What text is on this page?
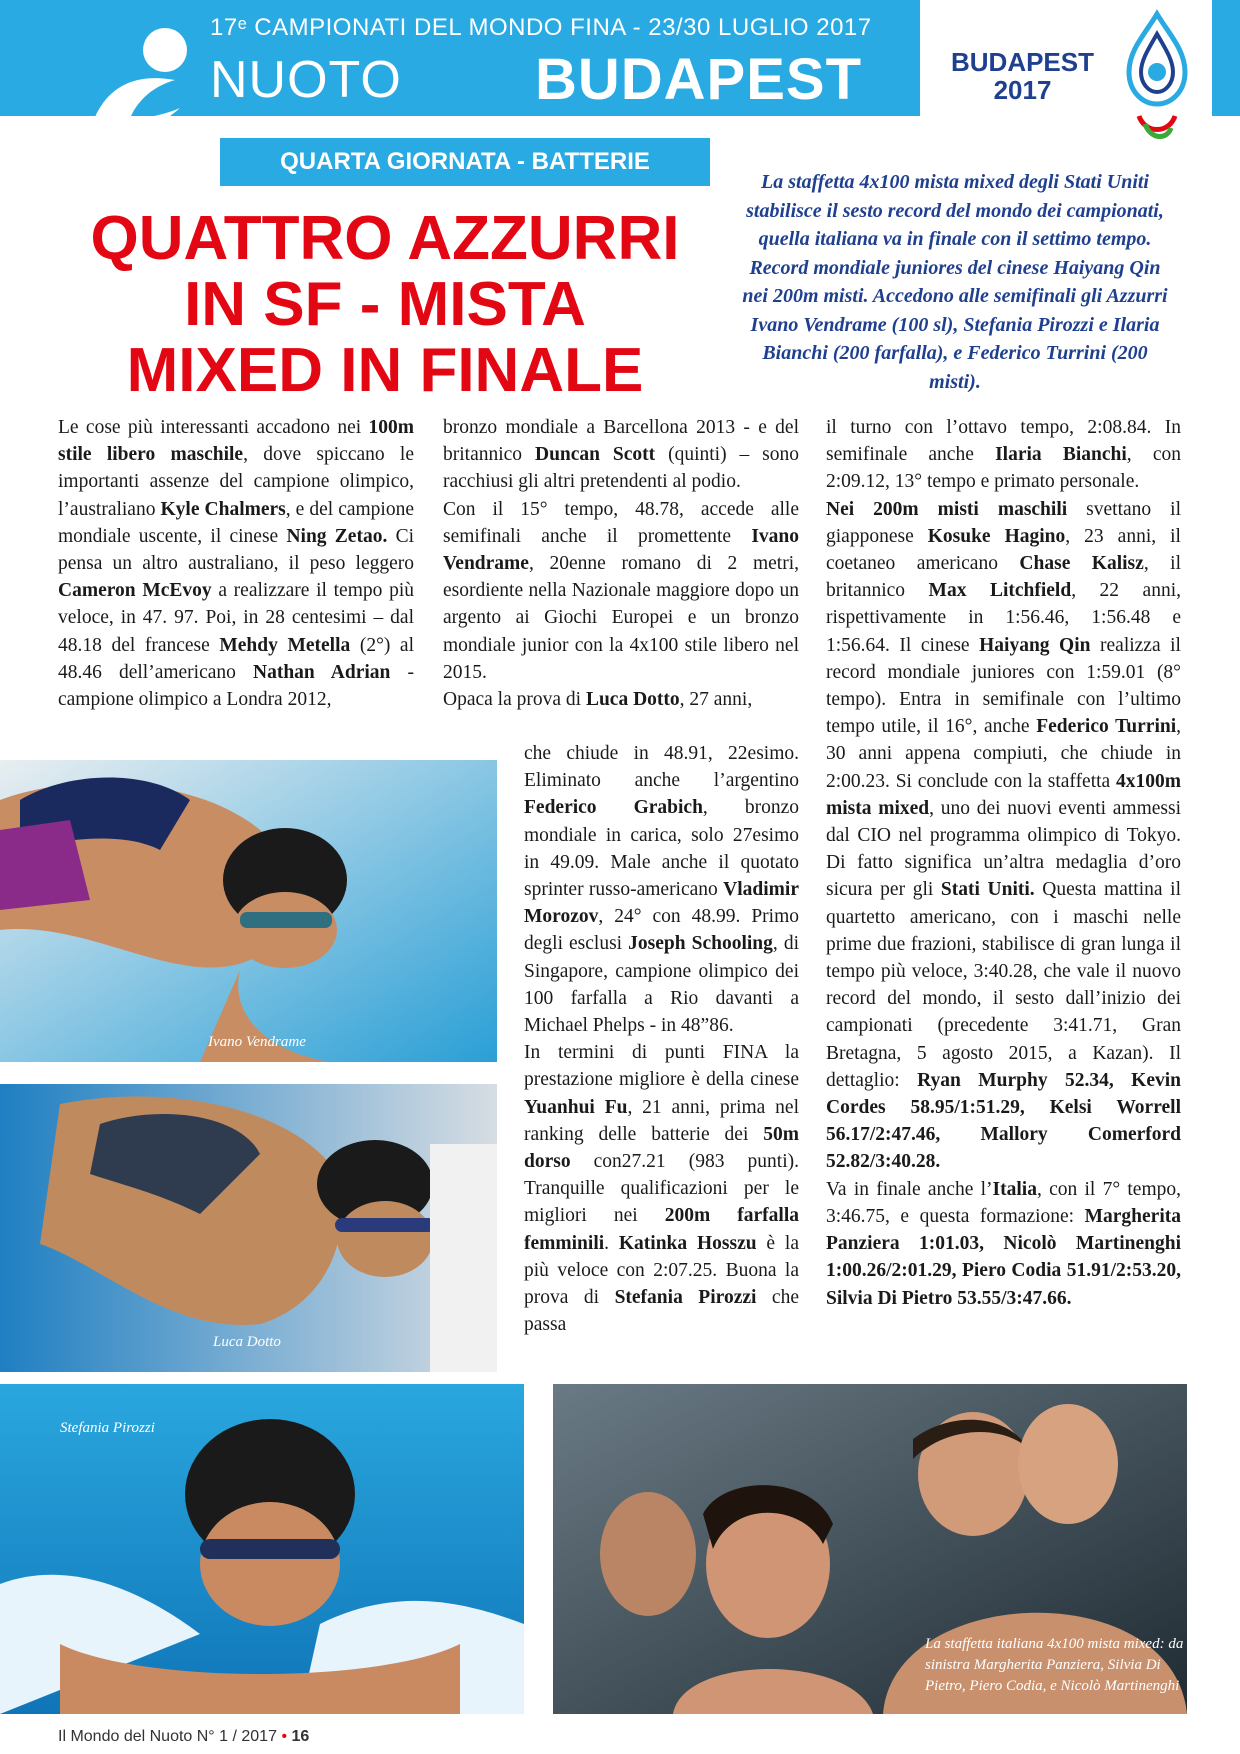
17ᵉ CAMPIONATI DEL MONDO FINA - 23/30 LUGLIO 2017
NUOTO BUDAPEST	BUDAPEST
2017
QUARTA GIORNATA - BATTERIE
QUATTRO AZZURRI
IN SF - MISTA
MIXED IN FINALE
La staffetta 4x100 mista mixed degli Stati Uniti stabilisce il sesto record del mondo dei campionati, quella italiana va in finale con il settimo tempo. Record mondiale juniores del cinese Haiyang Qin nei 200m misti. Accedono alle semifinali gli Azzurri Ivano Vendrame (100 sl), Stefania Pirozzi e Ilaria Bianchi (200 farfalla), e Federico Turrini (200 misti).

Le cose più interessanti accadono nei 100m stile libero maschile, dove spiccano le importanti assenze del campione olimpico, l’australiano Kyle Chalmers, e del campione mondiale uscente, il cinese Ning Zetao. Ci pensa un altro australiano, il peso leggero Cameron McEvoy a realizzare il tempo più veloce, in 47. 97. Poi, in 28 centesimi – dal 48.18 del francese Mehdy Metella (2°) al 48.46 dell’americano Nathan Adrian - campione olimpico a Londra 2012,

bronzo mondiale a Barcellona 2013 - e del britannico Duncan Scott (quinti) – sono racchiusi gli altri pretendenti al podio.

Con il 15° tempo, 48.78, accede alle semifinali anche il promettente Ivano Vendrame, 20enne romano di 2 metri, esordiente nella Nazionale maggiore dopo un argento ai Giochi Europei e un bronzo mondiale junior con la 4x100 stile libero nel 2015.

Opaca la prova di Luca Dotto, 27 anni,

che chiude in 48.91, 22esimo. Eliminato anche l’argentino Federico Grabich, bronzo mondiale in carica, solo 27esimo in 49.09. Male anche il quotato sprinter russo-americano Vladimir Morozov, 24° con 48.99. Primo degli esclusi Joseph Schooling, di Singapore, campione olimpico dei 100 farfalla a Rio davanti a Michael Phelps - in 48”86.

In termini di punti FINA la prestazione migliore è della cinese Yuanhui Fu, 21 anni, prima nel ranking delle batterie dei 50m dorso con27.21 (983 punti). Tranquille qualificazioni per le migliori nei 200m farfalla femminili. Katinka Hosszu è la più veloce con 2:07.25. Buona la prova di Stefania Pirozzi che passa

il turno con l’ottavo tempo, 2:08.84. In semifinale anche Ilaria Bianchi, con 2:09.12, 13° tempo e primato personale.

Nei 200m misti maschili svettano il giapponese Kosuke Hagino, 23 anni, il coetaneo americano Chase Kalisz, il britannico Max Litchfield, 22 anni, rispettivamente in 1:56.46, 1:56.48 e 1:56.64. Il cinese Haiyang Qin realizza il record mondiale juniores con 1:59.01 (8° tempo). Entra in semifinale con l’ultimo tempo utile, il 16°, anche Federico Turrini, 30 anni appena compiuti, che chiude in 2:00.23. Si conclude con la staffetta 4x100m mista mixed, uno dei nuovi eventi ammessi dal CIO nel programma olimpico di Tokyo. Di fatto significa un’altra medaglia d’oro sicura per gli Stati Uniti. Questa mattina il quartetto americano, con i maschi nelle prime due frazioni, stabilisce di gran lunga il tempo più veloce, 3:40.28, che vale il nuovo record del mondo, il sesto dall’inizio dei campionati (precedente 3:41.71, Gran Bretagna, 5 agosto 2015, a Kazan). Il dettaglio: Ryan Murphy 52.34, Kevin Cordes 58.95/1:51.29, Kelsi Worrell 56.17/2:47.46, Mallory Comerford 52.82/3:40.28.

Va in finale anche l’Italia, con il 7° tempo, 3:46.75, e questa formazione: Margherita Panziera 1:01.03, Nicolò Martinenghi 1:00.26/2:01.29, Piero Codia 51.91/2:53.20, Silvia Di Pietro 53.55/3:47.66.

Ivano Vendrame
Luca Dotto
Stefania Pirozzi
La staffetta italiana 4x100 mista mixed: da sinistra Margherita Panziera, Silvia Di Pietro, Piero Codia, e Nicolò Martinenghi
Il Mondo del Nuoto N° 1 / 2017 • 16
